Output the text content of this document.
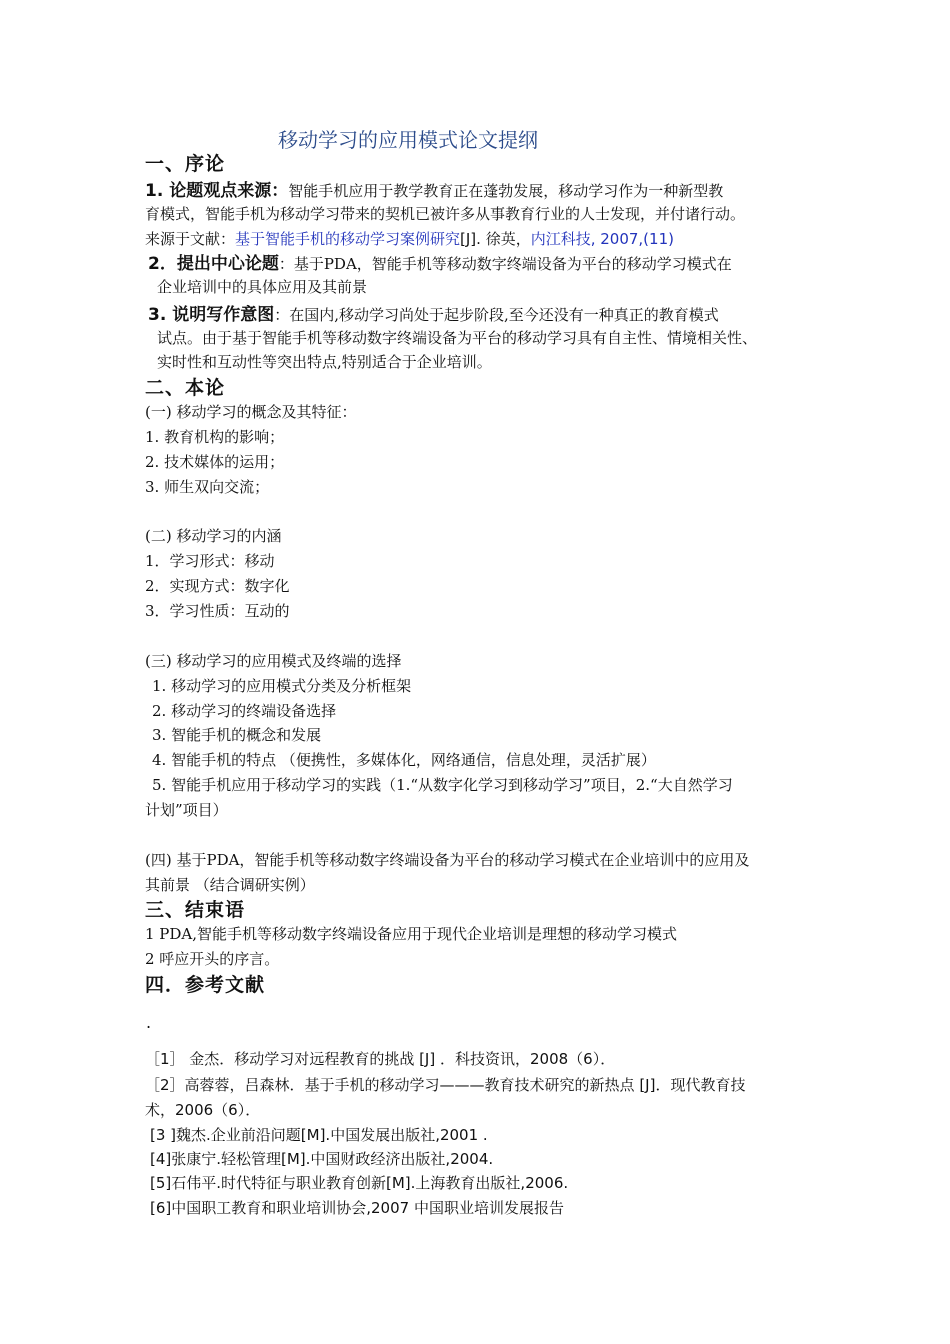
移动学习的应用模式论文提纲
一、序论
1. 论题观点来源：智能手机应用于教学教育正在蓬勃发展，移动学习作为一种新型教
育模式，智能手机为移动学习带来的契机已被许多从事教育行业的人士发现，并付诸行动。
来源于文献：基于智能手机的移动学习案例研究[J]. 徐英，内江科技, 2007,(11)
2．提出中心论题：基于PDA，智能手机等移动数字终端设备为平台的移动学习模式在
企业培训中的具体应用及其前景
3. 说明写作意图：在国内,移动学习尚处于起步阶段,至今还没有一种真正的教育模式
试点。由于基于智能手机等移动数字终端设备为平台的移动学习具有自主性、情境相关性、
实时性和互动性等突出特点,特别适合于企业培训。
二、本论
(一) 移动学习的概念及其特征：
1. 教育机构的影响；
2. 技术媒体的运用；
3. 师生双向交流；
(二) 移动学习的内涵
1．学习形式：移动
2．实现方式：数字化
3．学习性质：互动的
(三) 移动学习的应用模式及终端的选择
1. 移动学习的应用模式分类及分析框架
2. 移动学习的终端设备选择
3. 智能手机的概念和发展
4. 智能手机的特点 （便携性，多媒体化，网络通信，信息处理，灵活扩展）
5. 智能手机应用于移动学习的实践（1.“从数字化学习到移动学习”项目，2.“大自然学习
计划”项目）
(四) 基于PDA，智能手机等移动数字终端设备为平台的移动学习模式在企业培训中的应用及
其前景 （结合调研实例）
三、结束语
1 PDA,智能手机等移动数字终端设备应用于现代企业培训是理想的移动学习模式
2 呼应开头的序言。
四．参考文献
.
［1］ 金杰．移动学习对远程教育的挑战 [J] ．科技资讯，2008（6）．
［2］高蓉蓉，吕森林．基于手机的移动学习———教育技术研究的新热点 [J]．现代教育技
术，2006（6）．
[3 ]魏杰.企业前沿问题[M].中国发展出版社,2001 .
[4]张康宁.轻松管理[M].中国财政经济出版社,2004.
[5]石伟平.时代特征与职业教育创新[M].上海教育出版社,2006.
[6]中国职工教育和职业培训协会,2007 中国职业培训发展报告
